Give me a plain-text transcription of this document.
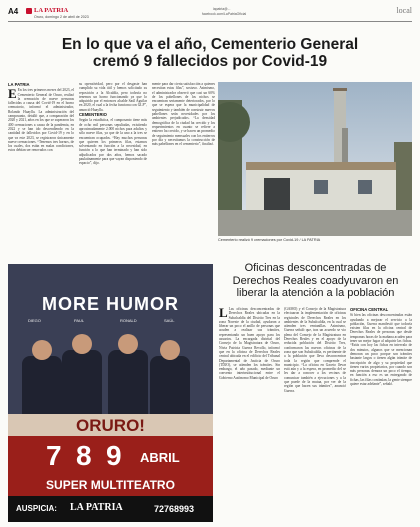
A4 LA PATRIA
Oruro, domingo 2 de abril de 2023
lapatria@...
facebook.com/LaPatriaOficial	local
En lo que va el año, Cementerio General
cremó 9 fallecidos por Covid-19
LA PATRIA

E En los tres primeros meses del 2023, el Cementerio General de Oruro, realizó la cremación de nueve personas fallecidas a causa del Covid-19 en el horno crematorio, informó el administrador, Rolando Huaylla. La administración del camposanto, detalló que, a comparación del 2020 y 2021, años en los que se superaron los 400 cremaciones a causa de la pandemia, en 2022 y se han ido descendiendo en la cantidad de fallecidos por Covid-19 y en lo que va este 2023, se registraron únicamente nueve cremaciones. “Tenemos tres hornos, de los cuales, dos están en malas condiciones, estos debían ser renovados con

su operatividad, pero por el desgaste han cumplido su vida útil y hemos solicitado su reposición a la Alcaldía, pero todavía no tenemos un horno funcionando ya que lo adquirido por el entonces alcalde Saúl Aguilar en 2020, el cual a la fecha funciona con GLP”, anunció Huaylla.

CEMENTERIO

Según la estadística, el camposanto tiene más de ocho mil personas sepultadas, existiendo aproximadamente 2.000 nichos para adultos y sólo nueve filas, ya que de la uno a la tres se encuentran ocupados. “Hay muchos personas que quieren los primeros filas, estamos solventando en función a la necesidad, en función a lo que han terminado y han sido adjudicados por dos años, hemos sacado paulatinamente para que vayan disponiendo de espacio”, dijo.

mente para dar cierta satisfacción a quienes necesitan estas filas”, sostuvo. Asimismo, el administrador observó que casi un 60% de los pabellones de los nichos se encuentran seriamente deteriorados, por lo que se espera que la municipalidad de seguimiento y también de construir nuevos pabellones seún necesidades por los ambientes perjudicados. “La densidad demográfica de la ciudad ha crecido y los requerimientos en cuanto se refiere a entierro ha crecido, y se hacen un promedio de seguimiento mensuales con los entierros por día y necesitamos la construcción de más pabellones en el cementerio”, finalizó.

Cementerio realizó 9 cremaciones por Covid-19 / LA PATRIA
MORE HUMOR
DIEGO	PAUL	RONALD	SAÚL
ORURO!
7 8 9 ABRIL
SUPER MULTITEATRO
AUSPICIA: LA PATRIA	72768993
Oficinas desconcentradas de
Derechos Reales coadyuvaron en
liberar la atención a la población

L Las oficinas desconcentradas de Derechos Reales ubicadas en la Subalcaldía del Distrito Tres en la zona Noreste de la ciudad, ayudaron a liberar un poco el anillo de personas que acuden a realizar sus trámites, representando un buen apoyo para los usuarios. La encargada distrital del Consejo de la Magistratura de Oruro, Nivia Patricia Guerra Revollo, informó que en la oficina de Derechos Reales central ubicada en el edificio del Tribunal Departamental de Justicia de Oruro (TDJO), se atienden los trámites. Sin embargo, el año pasado, mediante un convenio interinstitucional entre el Gobierno Autónomo Municipal de Oruro

(GAMO) y el Consejo de la Magistratura efectuaron la implementación de oficinas registrales de Derechos Reales en los ambientes de la Subalcaldía, en la cual se atienden tres ventanillas. Asimismo, Guerra señaló que, tras un acuerdo se vio plena del Consejo de la Magistratura en Derechos Reales y en el apoyo de la reducida población del Distrito Tres, conformaron las nuevas oficinas de la zona que son Subalcaldía, es pertinente de a la población que lleva desconcentrar toda la región que comprende el municipio. “La oficina en Gaceto llevar está aún y a la espera, en promedio del se les dar a conocer a los vecinos de comunicar también a ejecuciones y a la que puede de la mutua, por ver de la región que hacen sus trámites”, anunció Guerra.

OFICINA CENTRAL

Si bien las oficinas desconcentradas están ayudando a mejorar el servicio a la población, Guerra manifestó que todavía existen filas en la oficina central de Derechos Reales de personas que desde tempranas horas de la mañana acuden para tener un mejor lugar al adquirir las fichas. “Estás con hoy las fichas en intervalo de dos minutos, algunos que se mencionan demoran un poco porque son trámites bastante largos o tienen algún trámite de inscripción de algo y su propiedad que tienen varios propietarios, por cuando son más personas demora un poco el tiempo, en función a eso es un entregando de fichas, las filas continúan, la gente siempre quiere estar adelante”, señaló.
